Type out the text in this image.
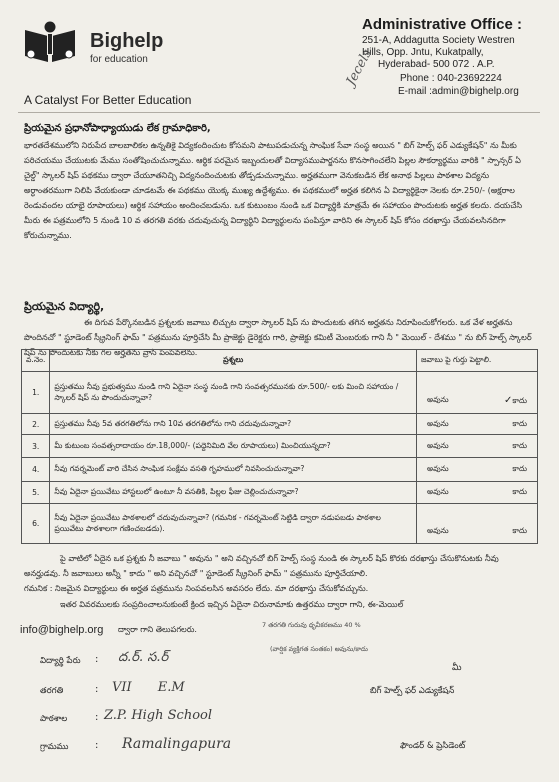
Bighelp
for education
A Catalyst For Better Education
Administrative Office :
251-A, Addagutta Society Westren
Hills, Opp. Jntu, Kukatpally,
Hyderabad- 500 072 . A.P.
Phone : 040-23692224
E-mail :admin@bighelp.org
Jecels
ప్రియమైన ప్రధానోపాధ్యాయుడు లేక గ్రామాధికారి,
భారతదేశములోని నిరుపేద బాలబాలికల ఉన్నతికై విద్యకందించుట కోసమని పాటుపడుచున్న సాంఘిక సేవా సంస్థ అయిన " బిగ్ హెల్ప్ ఫర్ ఎడ్యుకేషన్" ను మీకు పరిచయము చేయుటకు మేము సంతోషించుచున్నాము. ఆర్థిక పరమైన ఇబ్బందులతో విద్యాసముపార్జనను కొనసాగించలేని పిల్లల సౌకర్యార్థము వారికి " స్పాన్సర్ ఏ చైల్డ్" స్కాలర్ షిప్ పథకము ద్వారా చేయూతనిచ్చి విద్యనందించుటకు తోడ్పడుచున్నాము. అర్హతముగా వెనుకబడిన లేక అనాథ పిల్లలు పాఠశాల విద్యను అర్ధాంతరముగా నిలిపి వేయకుండా చూడటమే ఈ పథకము యొక్క ముఖ్య ఉద్దేశ్యము. ఈ పథకములో అర్హత కలిగిన ఏ విద్యార్థికైనా నెలకు రూ.250/- (అక్షరాల రెండువందల యాభై రూపాయలు) ఆర్థిక సహాయం అందించబడును. ఒక కుటుంబం నుండి ఒక విద్యార్థికి మాత్రమే ఈ సహాయం పొందుటకు అర్హత కలదు. దయచేసి మీరు ఈ పత్రములోని 5 నుండి 10 వ తరగతి వరకు చదువుచున్న విద్యార్థిని విద్యార్థులను పంపిస్తూ వారిని ఈ స్కాలర్ షిప్ కోసం దరఖాస్తు చేయవలసినదిగా కోరుచున్నాము.
ప్రియమైన విద్యార్థి,
ఈ దిగువ పేర్కొనబడిన ప్రశ్నలకు జవాబు లిచ్చుట ద్వారా స్కాలర్ షిప్ ను పొందుటకు తగిన అర్హతను నిరూపించుకోగలరు. ఒక వేళ అర్హతను పొందినచో " స్టూడెంట్ స్క్రీనింగ్ ఫామ్ " పత్రమును పూర్తిచేసి మీ ప్రాజెక్టు డైరెక్టరు గారి, ప్రాజెక్టు కమిటీ మెంబరుకు గాని నీ " మెయిల్ - దేశము " ను బిగ్ హెల్ప్ స్కాలర్ షిప్ ను పొందుటకు నీకు గల అర్హతను వ్రాసి పంపవలెను.
వ.నెం.	ప్రశ్నలు	జవాబు పై గుర్తు పెట్టాలి.
1.	ప్రస్తుతము నీవు ప్రభుత్వము నుండి గాని ఏదైనా సంస్థ నుండి గాని సంవత్సరమునకు రూ.500/- లకు మించి సహాయం / స్కాలర్ షిప్ ను పొందుచున్నావా?	అవును ✓కాదు

2.	ప్రస్తుతము నీవు 5వ తరగతిలోను గాని 10వ తరగతిలోను గాని చదువుచున్నావా?	అవును కాదు

3.	మీ కుటుంబ సంవత్సరాదాయం రూ.18,000/- (పద్దెనిమిది వేల రూపాయలు) మించియున్నదా?	అవును కాదు

4.	నీవు గవర్నమెంట్ వారి చేసిన సాంఘిక సంక్షేమ వసతి గృహములో నివసించుచున్నావా?	అవును కాదు

5.	నీవు ఏదైనా ప్రయివేటు హాస్టలులో ఉంటూ నీ వసతికి, పిల్లల ఫీజు చెల్లించుచున్నావా?	అవును కాదు

6.	నీవు ఏదైనా ప్రయివేటు పాఠశాలలో చదువుచున్నావా? (గమనిక - గవర్నమెంట్ సెట్టిడి ద్వారా నడుపబడు పాఠశాల ప్రయివేటు పాఠశాలగా గణించబడదు).	అవును కాదు
పై వాటిలో ఏదైన ఒక ప్రశ్నకు నీ జవాబు " అవును " అని వచ్చినచో బిగ్ హెల్ప్ సంస్థ నుండి ఈ స్కాలర్ షిప్ కొరకు దరఖాస్తు చేసుకొనుటకు నీవు అనర్హుడవు. నీ జవాబులు అన్నీ " కాదు " అని వచ్చినచో " స్టూడెంట్ స్క్రీనింగ్ ఫామ్ " పత్రమును పూర్తిచేయాలి.
గమనిక : నిజమైన విద్యార్థులు ఈ అర్హత పత్రమును నింపవలసిన అవసరం లేదు. మా దరఖాస్తు చేసుకోవచ్చును.
ఇతర వివరములకు సంప్రదించాలనుకుంటే క్రింద ఇచ్చిన ఏదైనా చిరునామాకు ఉత్తరము ద్వారా గాని, ఈ-మెయిల్
info@bighelp.org ద్వారా గాని తెలుపగలరు.	7 తరగతి గురువు ధృవీకరణము 40 %
(వార్షిక వ్యక్తిగత సంతకం) అవును/కాదు
విద్యార్థి పేరు : ద.ర్. స.ర్
తరగతి	: VII E.M
పాఠశాల	: Z.P. High School
గ్రామము	: Ramalingapura
మీ
బిగ్ హెల్ప్ ఫర్ ఎడ్యుకేషన్
ఫౌండర్ & ప్రెసిడెంట్
